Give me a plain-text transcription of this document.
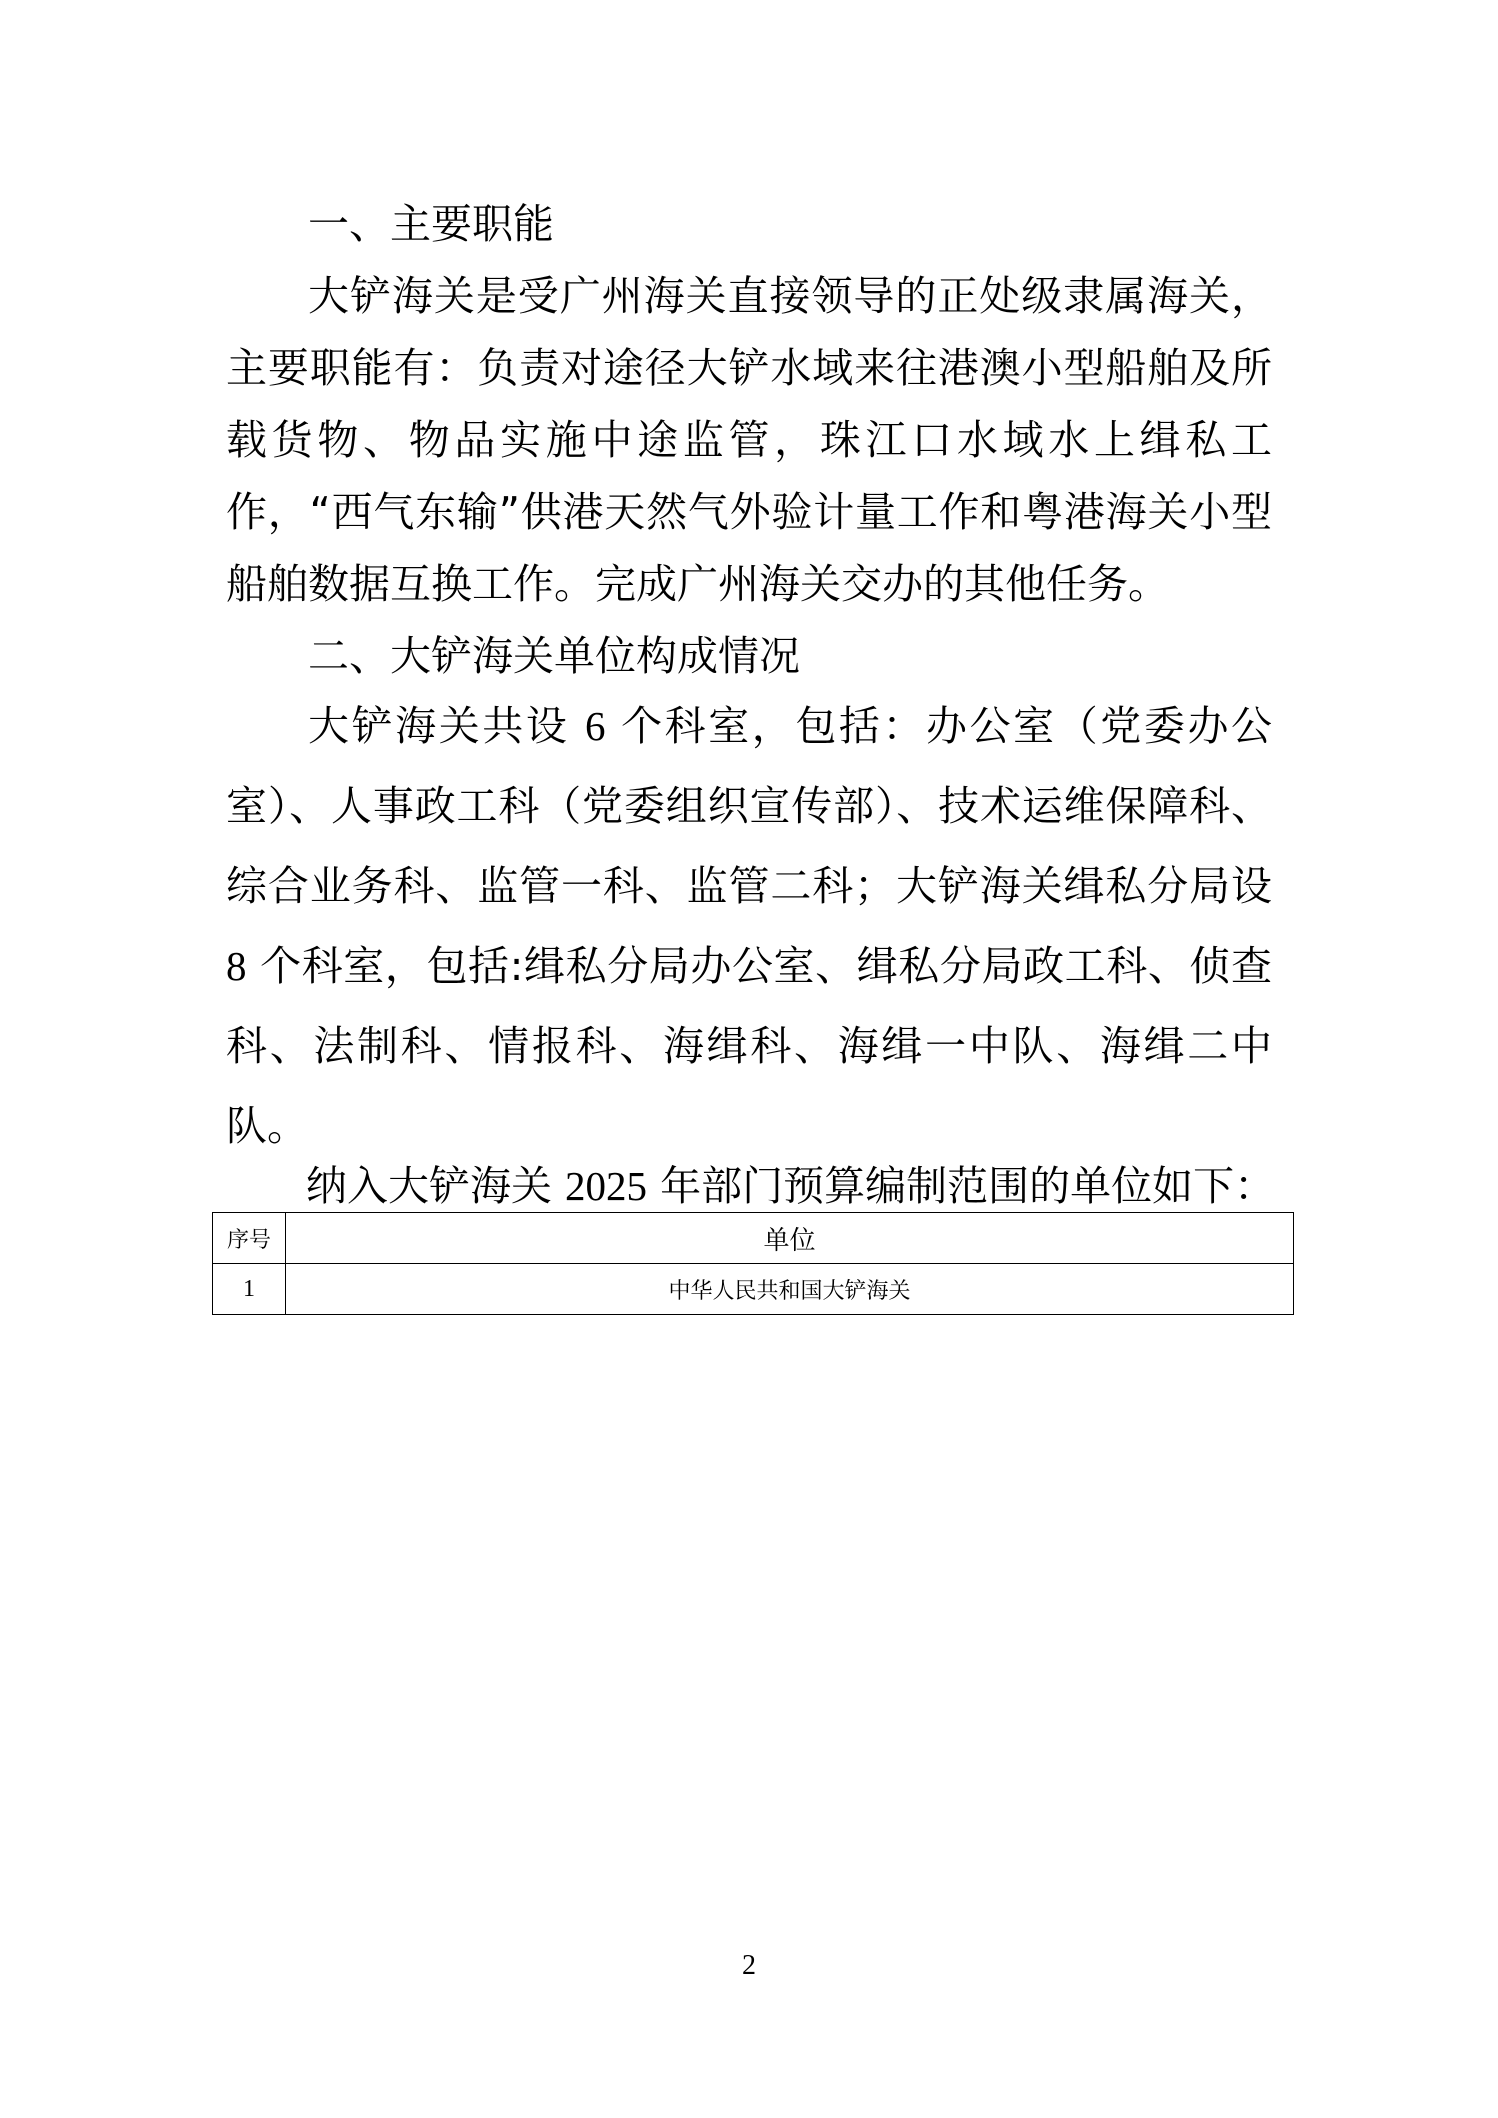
一、主要职能
大铲海关是受广州海关直接领导的正处级隶属海关，主要职能有：负责对途径大铲水域来往港澳小型船舶及所载货物、物品实施中途监管，珠江口水域水上缉私工作，“西气东输”供港天然气外验计量工作和粤港海关小型船舶数据互换工作。完成广州海关交办的其他任务。
二、大铲海关单位构成情况
大铲海关共设 6 个科室，包括：办公室（党委办公室）、人事政工科（党委组织宣传部）、技术运维保障科、综合业务科、监管一科、监管二科；大铲海关缉私分局设 8 个科室，包括:缉私分局办公室、缉私分局政工科、侦查科、法制科、情报科、海缉科、海缉一中队、海缉二中队。
纳入大铲海关 2025 年部门预算编制范围的单位如下：
序号	单位
1	中华人民共和国大铲海关
2
